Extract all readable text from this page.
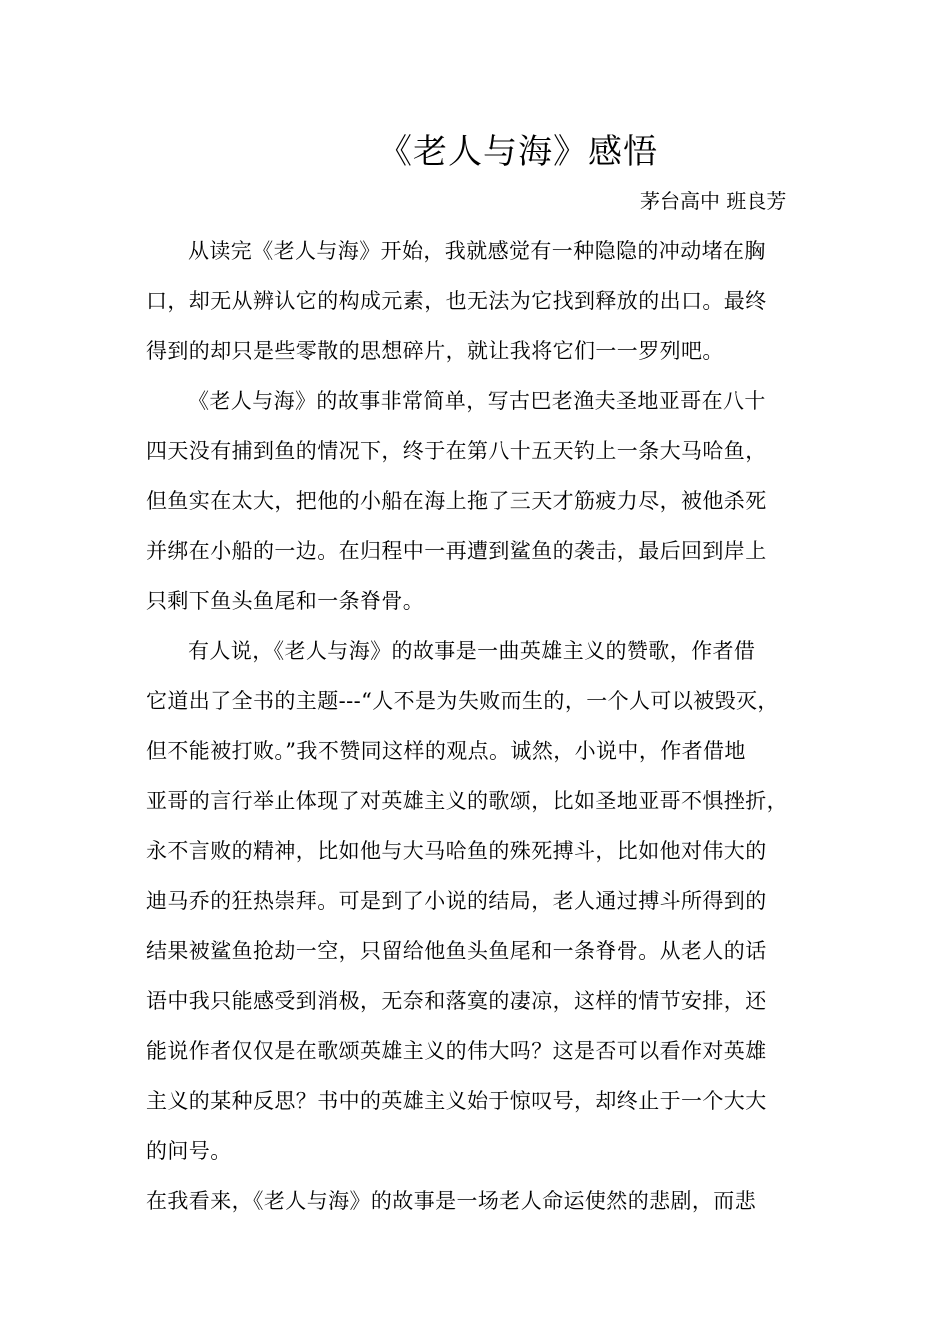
《老人与海》感悟

茅台高中 班良芳

从读完《老人与海》开始，我就感觉有一种隐隐的冲动堵在胸

口，却无从辨认它的构成元素，也无法为它找到释放的出口。最终

得到的却只是些零散的思想碎片，就让我将它们一一罗列吧。

《老人与海》的故事非常简单，写古巴老渔夫圣地亚哥在八十

四天没有捕到鱼的情况下，终于在第八十五天钓上一条大马哈鱼，

但鱼实在太大，把他的小船在海上拖了三天才筋疲力尽，被他杀死

并绑在小船的一边。在归程中一再遭到鲨鱼的袭击，最后回到岸上

只剩下鱼头鱼尾和一条脊骨。

有人说，《老人与海》的故事是一曲英雄主义的赞歌，作者借

它道出了全书的主题---“人不是为失败而生的，一个人可以被毁灭，

但不能被打败。”我不赞同这样的观点。诚然，小说中，作者借地

亚哥的言行举止体现了对英雄主义的歌颂，比如圣地亚哥不惧挫折，

永不言败的精神，比如他与大马哈鱼的殊死搏斗，比如他对伟大的

迪马乔的狂热崇拜。可是到了小说的结局，老人通过搏斗所得到的

结果被鲨鱼抢劫一空，只留给他鱼头鱼尾和一条脊骨。从老人的话

语中我只能感受到消极，无奈和落寞的凄凉，这样的情节安排，还

能说作者仅仅是在歌颂英雄主义的伟大吗？这是否可以看作对英雄

主义的某种反思？书中的英雄主义始于惊叹号，却终止于一个大大

的问号。

在我看来，《老人与海》的故事是一场老人命运使然的悲剧，而悲
